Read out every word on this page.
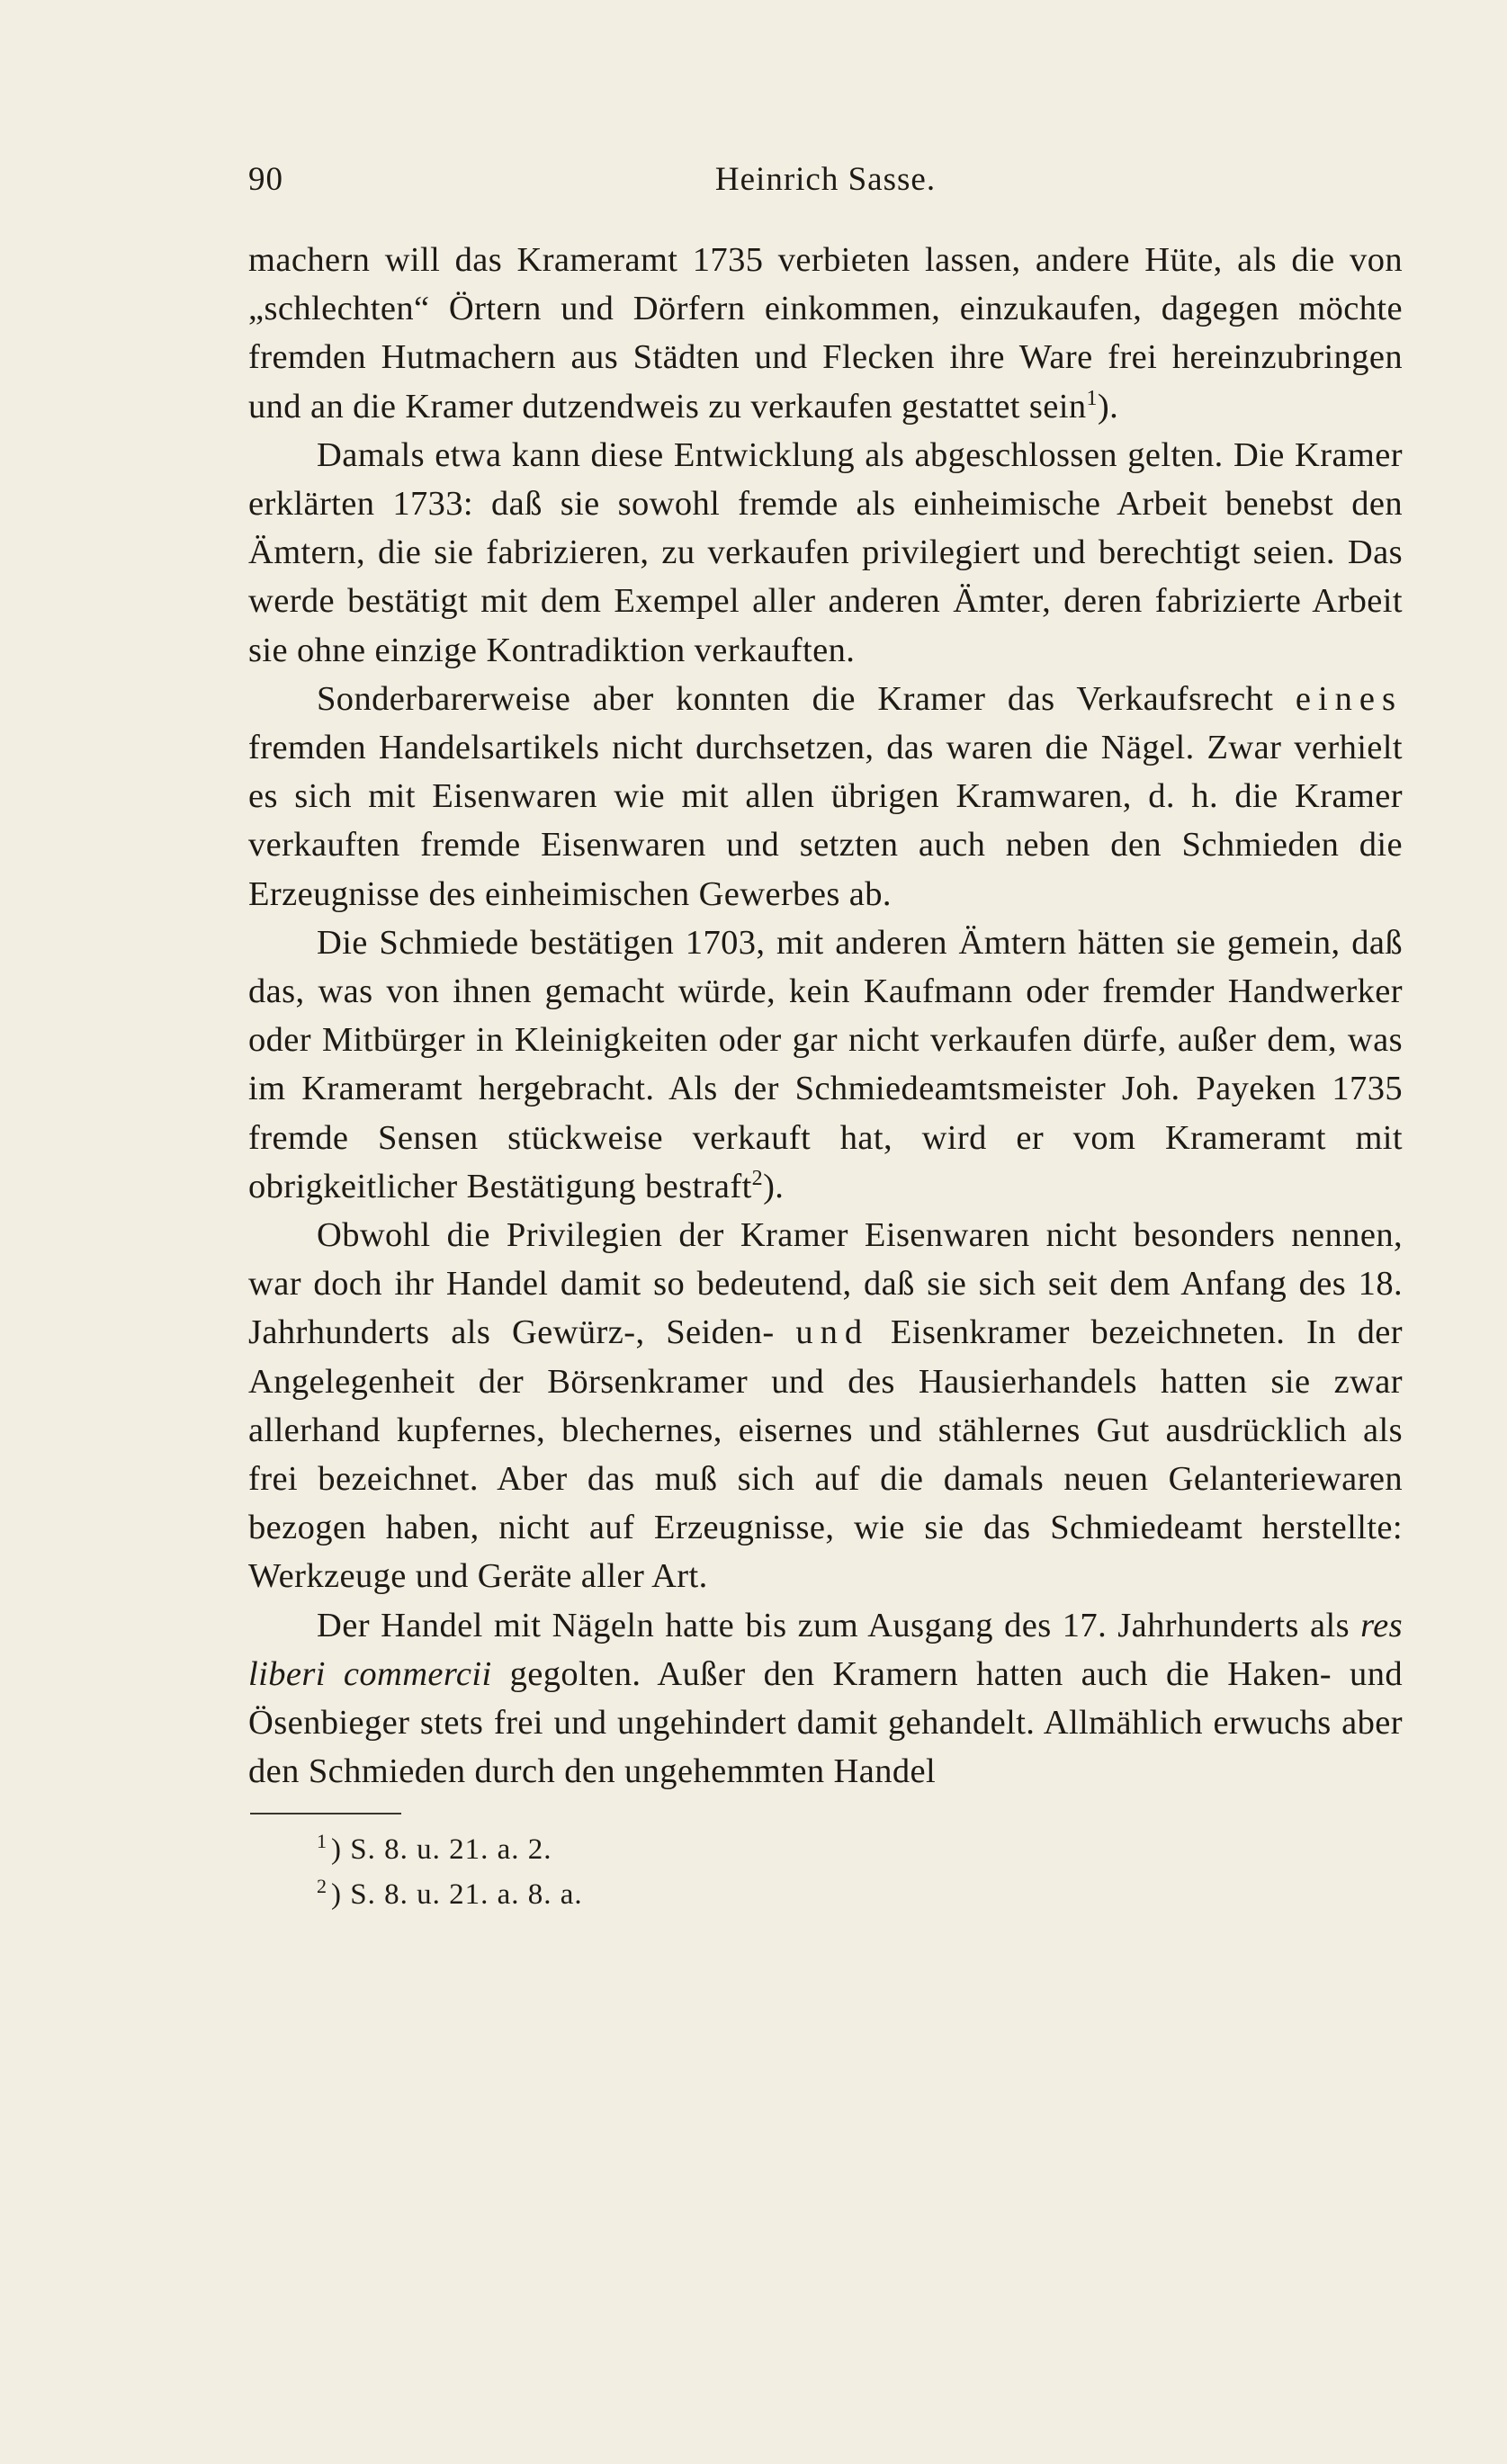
90	Heinrich Sasse.

machern will das Krameramt 1735 verbieten lassen, andere Hüte, als die von „schlechten“ Örtern und Dörfern einkommen, einzukaufen, dagegen möchte fremden Hutmachern aus Städten und Flecken ihre Ware frei hereinzubringen und an die Kramer dutzendweis zu verkaufen gestattet sein$^1$).

Damals etwa kann diese Entwicklung als abgeschlossen gelten. Die Kramer erklärten 1733: daß sie sowohl fremde als einheimische Arbeit benebst den Ämtern, die sie fabrizieren, zu verkaufen privilegiert und berechtigt seien. Das werde bestätigt mit dem Exempel aller anderen Ämter, deren fabrizierte Arbeit sie ohne einzige Kontradiktion verkauften.

Sonderbarerweise aber konnten die Kramer das Verkaufsrecht eines fremden Handelsartikels nicht durchsetzen, das waren die Nägel. Zwar verhielt es sich mit Eisenwaren wie mit allen übrigen Kramwaren, d. h. die Kramer verkauften fremde Eisenwaren und setzten auch neben den Schmieden die Erzeugnisse des einheimischen Gewerbes ab.

Die Schmiede bestätigen 1703, mit anderen Ämtern hätten sie gemein, daß das, was von ihnen gemacht würde, kein Kaufmann oder fremder Handwerker oder Mitbürger in Kleinigkeiten oder gar nicht verkaufen dürfe, außer dem, was im Krameramt hergebracht. Als der Schmiedeamtsmeister Joh. Payeken 1735 fremde Sensen stückweise verkauft hat, wird er vom Krameramt mit obrigkeitlicher Bestätigung bestraft$^2$).

Obwohl die Privilegien der Kramer Eisenwaren nicht besonders nennen, war doch ihr Handel damit so bedeutend, daß sie sich seit dem Anfang des 18. Jahrhunderts als Gewürz-, Seiden- und Eisenkramer bezeichneten. In der Angelegenheit der Börsenkramer und des Hausierhandels hatten sie zwar allerhand kupfernes, blechernes, eisernes und stählernes Gut ausdrücklich als frei bezeichnet. Aber das muß sich auf die damals neuen Gelanteriewaren bezogen haben, nicht auf Erzeugnisse, wie sie das Schmiedeamt herstellte: Werkzeuge und Geräte aller Art.

Der Handel mit Nägeln hatte bis zum Ausgang des 17. Jahrhunderts als res liberi commercii gegolten. Außer den Kramern hatten auch die Haken- und Ösenbieger stets frei und ungehindert damit gehandelt. Allmählich erwuchs aber den Schmieden durch den ungehemmten Handel

$^1$ ) S. 8. u. 21. a. 2.
$^2$ ) S. 8. u. 21. a. 8. a.
